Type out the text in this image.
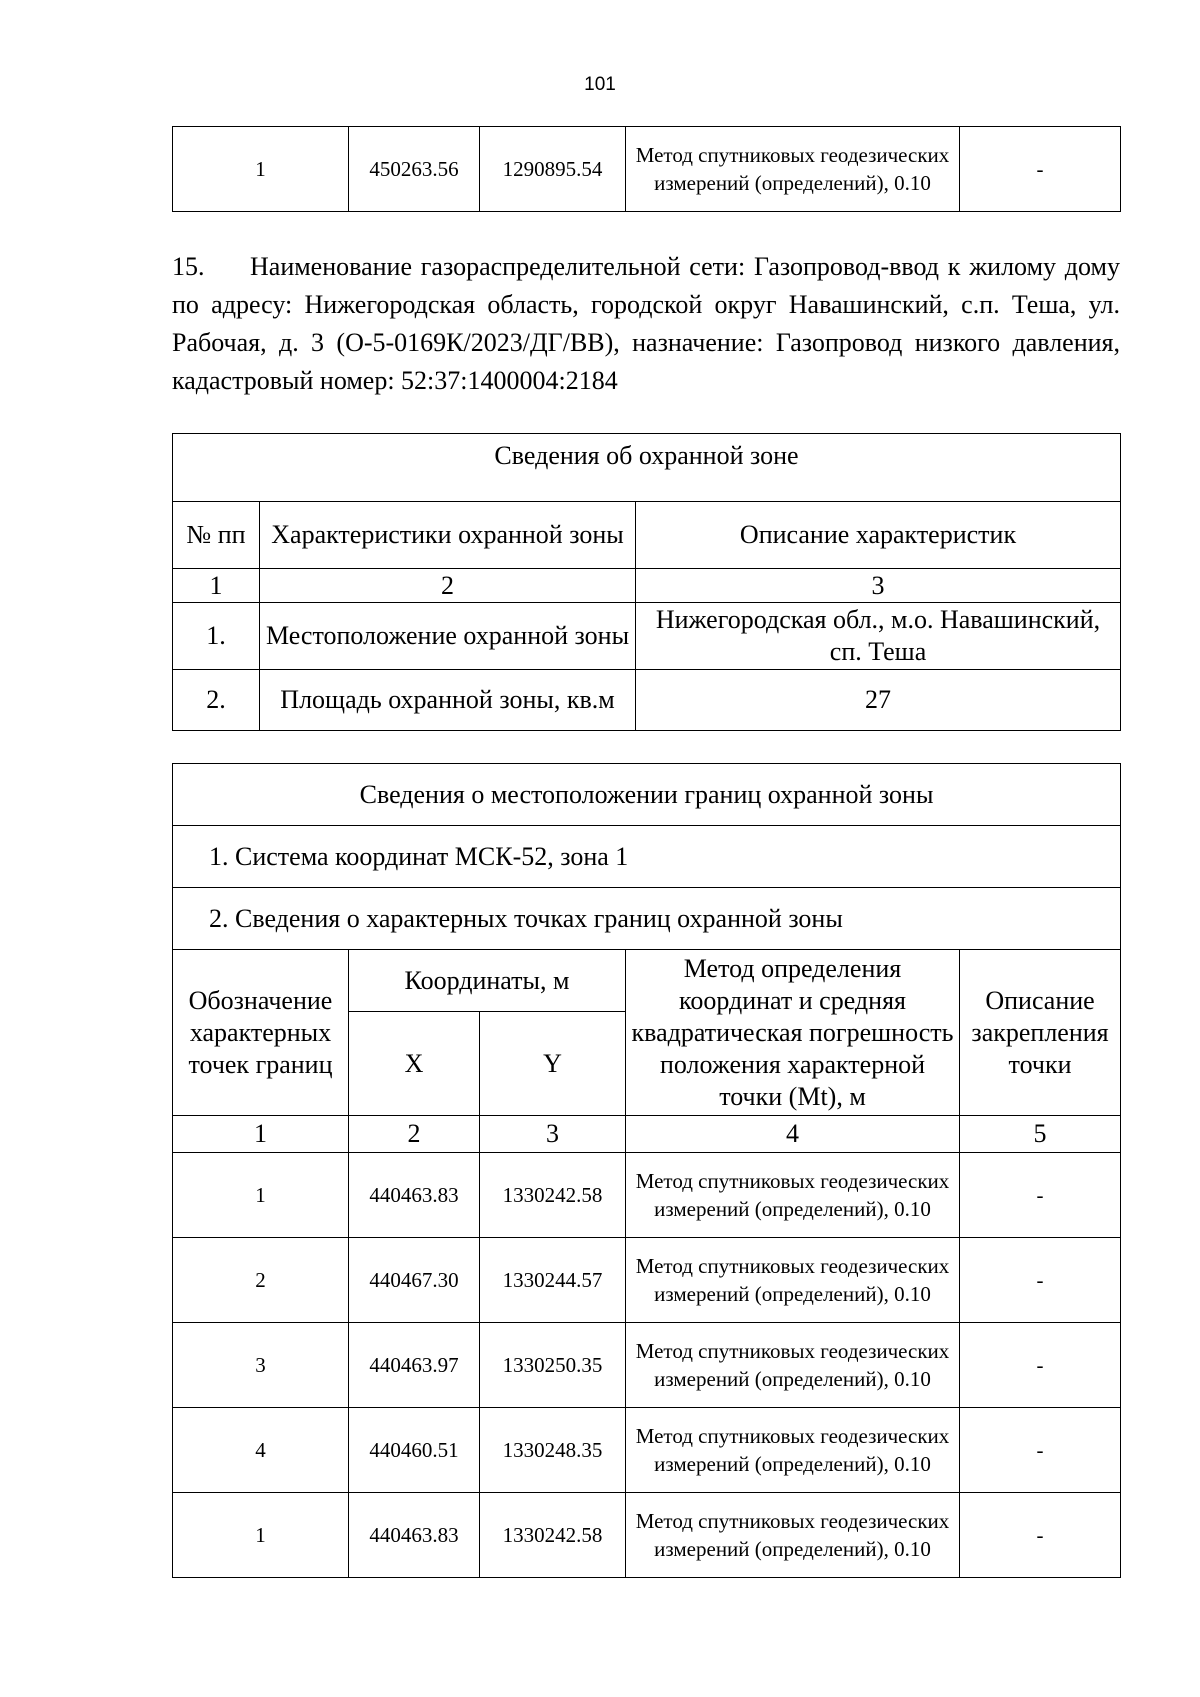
101
1	450263.56	1290895.54	Метод спутниковых геодезических измерений (определений), 0.10	-
15. Наименование газораспределительной сети: Газопровод-ввод к жилому дому по адресу: Нижегородская область, городской округ Навашинский, с.п. Теша, ул. Рабочая, д. 3 (О-5-0169К/2023/ДГ/ВВ), назначение: Газопровод низкого давления, кадастровый номер: 52:37:1400004:2184
Сведения об охранной зоне		
№ пп	Характеристики охранной зоны	Описание характеристик
1	2	3
1.	Местоположение охранной зоны	Нижегородская обл., м.о. Навашинский, сп. Теша
2.	Площадь охранной зоны, кв.м	27
Сведения о местоположении границ охранной зоны				
1. Система координат МСК-52, зона 1				
2. Сведения о характерных точках границ охранной зоны				
Обозначение характерных точек границ	Координаты, м		Метод определения координат и средняя квадратическая погрешность положения характерной точки (Mt), м	Описание закрепления точки
	X	Y		
1	2	3	4	5
1	440463.83	1330242.58	Метод спутниковых геодезических измерений (определений), 0.10	-
2	440467.30	1330244.57	Метод спутниковых геодезических измерений (определений), 0.10	-
3	440463.97	1330250.35	Метод спутниковых геодезических измерений (определений), 0.10	-
4	440460.51	1330248.35	Метод спутниковых геодезических измерений (определений), 0.10	-
1	440463.83	1330242.58	Метод спутниковых геодезических измерений (определений), 0.10	-
